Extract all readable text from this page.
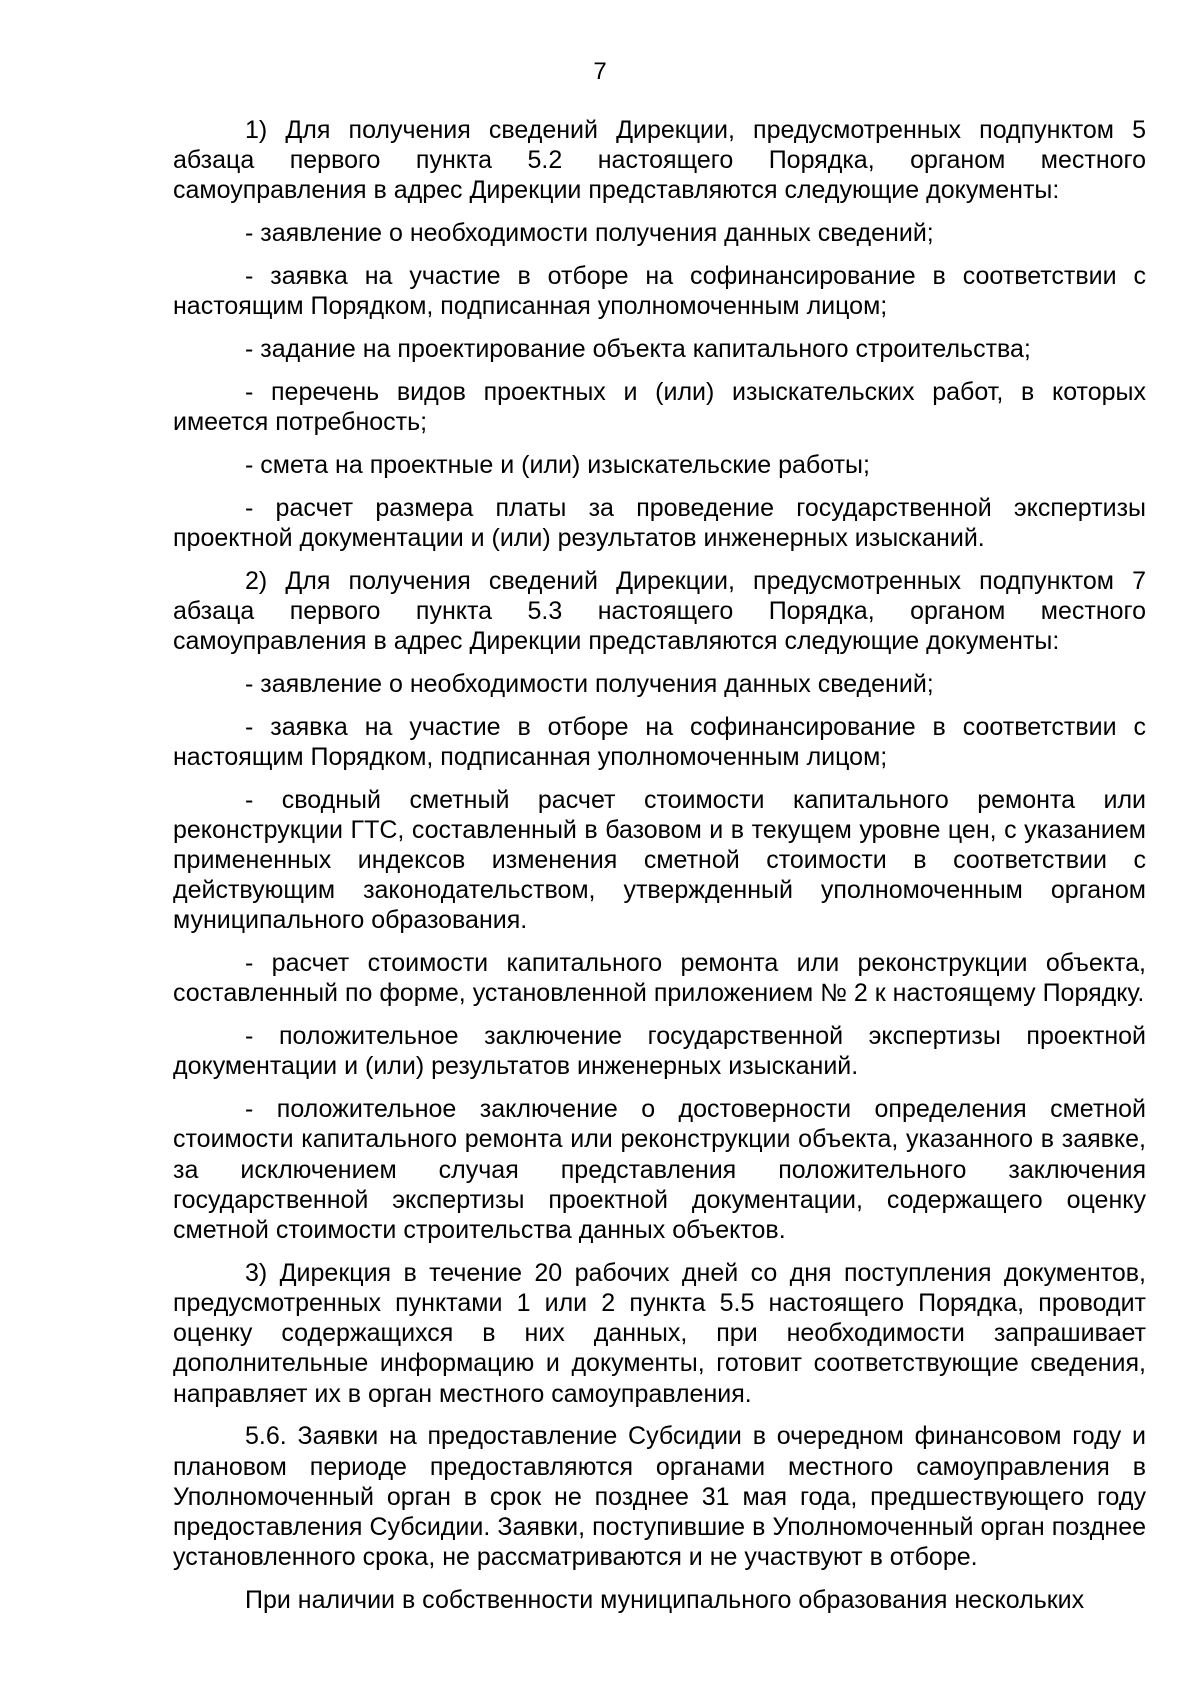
7

1) Для получения сведений Дирекции, предусмотренных подпунктом 5 абзаца первого пункта 5.2 настоящего Порядка, органом местного самоуправления в адрес Дирекции представляются следующие документы:

- заявление о необходимости получения данных сведений;

- заявка на участие в отборе на софинансирование в соответствии с настоящим Порядком, подписанная уполномоченным лицом;

- задание на проектирование объекта капитального строительства;

- перечень видов проектных и (или) изыскательских работ, в которых имеется потребность;

- смета на проектные и (или) изыскательские работы;

- расчет размера платы за проведение государственной экспертизы проектной документации и (или) результатов инженерных изысканий.

2) Для получения сведений Дирекции, предусмотренных подпунктом 7 абзаца первого пункта 5.3 настоящего Порядка, органом местного самоуправления в адрес Дирекции представляются следующие документы:

- заявление о необходимости получения данных сведений;

- заявка на участие в отборе на софинансирование в соответствии с настоящим Порядком, подписанная уполномоченным лицом;

- сводный сметный расчет стоимости капитального ремонта или реконструкции ГТС, составленный в базовом и в текущем уровне цен, с указанием примененных индексов изменения сметной стоимости в соответствии с действующим законодательством, утвержденный уполномоченным органом муниципального образования.

- расчет стоимости капитального ремонта или реконструкции объекта, составленный по форме, установленной приложением № 2 к настоящему Порядку.

- положительное заключение государственной экспертизы проектной документации и (или) результатов инженерных изысканий.

- положительное заключение о достоверности определения сметной стоимости капитального ремонта или реконструкции объекта, указанного в заявке, за исключением случая представления положительного заключения государственной экспертизы проектной документации, содержащего оценку сметной стоимости строительства данных объектов.

3) Дирекция в течение 20 рабочих дней со дня поступления документов, предусмотренных пунктами 1 или 2 пункта 5.5 настоящего Порядка, проводит оценку содержащихся в них данных, при необходимости запрашивает дополнительные информацию и документы, готовит соответствующие сведения, направляет их в орган местного самоуправления.

5.6. Заявки на предоставление Субсидии в очередном финансовом году и плановом периоде предоставляются органами местного самоуправления в Уполномоченный орган в срок не позднее 31 мая года, предшествующего году предоставления Субсидии. Заявки, поступившие в Уполномоченный орган позднее установленного срока, не рассматриваются и не участвуют в отборе.

При наличии в собственности муниципального образования нескольких
